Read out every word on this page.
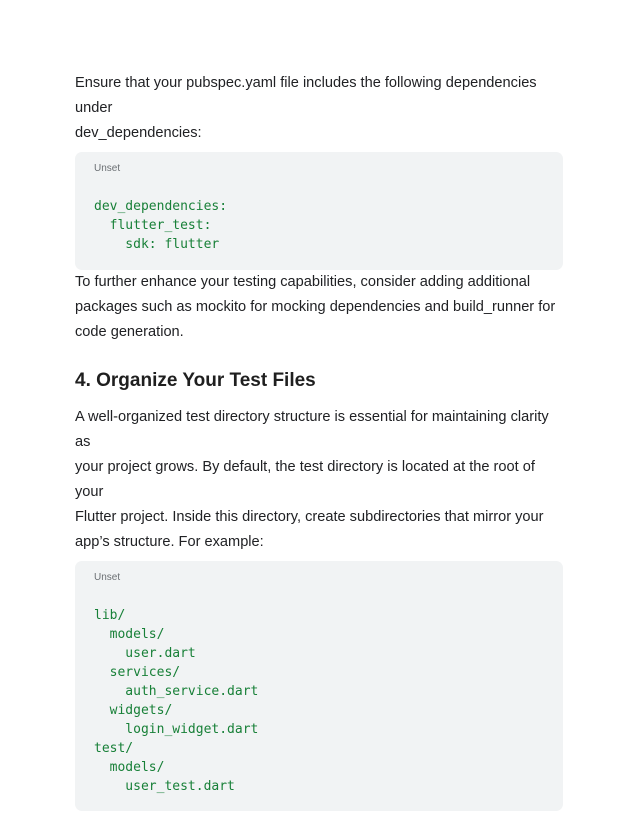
Ensure that your pubspec.yaml file includes the following dependencies under

dev_dependencies:

Unset
dev_dependencies:
flutter_test:
sdk: flutter

To further enhance your testing capabilities, consider adding additional

packages such as mockito for mocking dependencies and build_runner for

code generation.

4. Organize Your Test Files

A well-organized test directory structure is essential for maintaining clarity as

your project grows. By default, the test directory is located at the root of your

Flutter project. Inside this directory, create subdirectories that mirror your

app’s structure. For example:

Unset
lib/
models/
user.dart
services/
auth_service.dart
widgets/
login_widget.dart
test/
models/
user_test.dart
